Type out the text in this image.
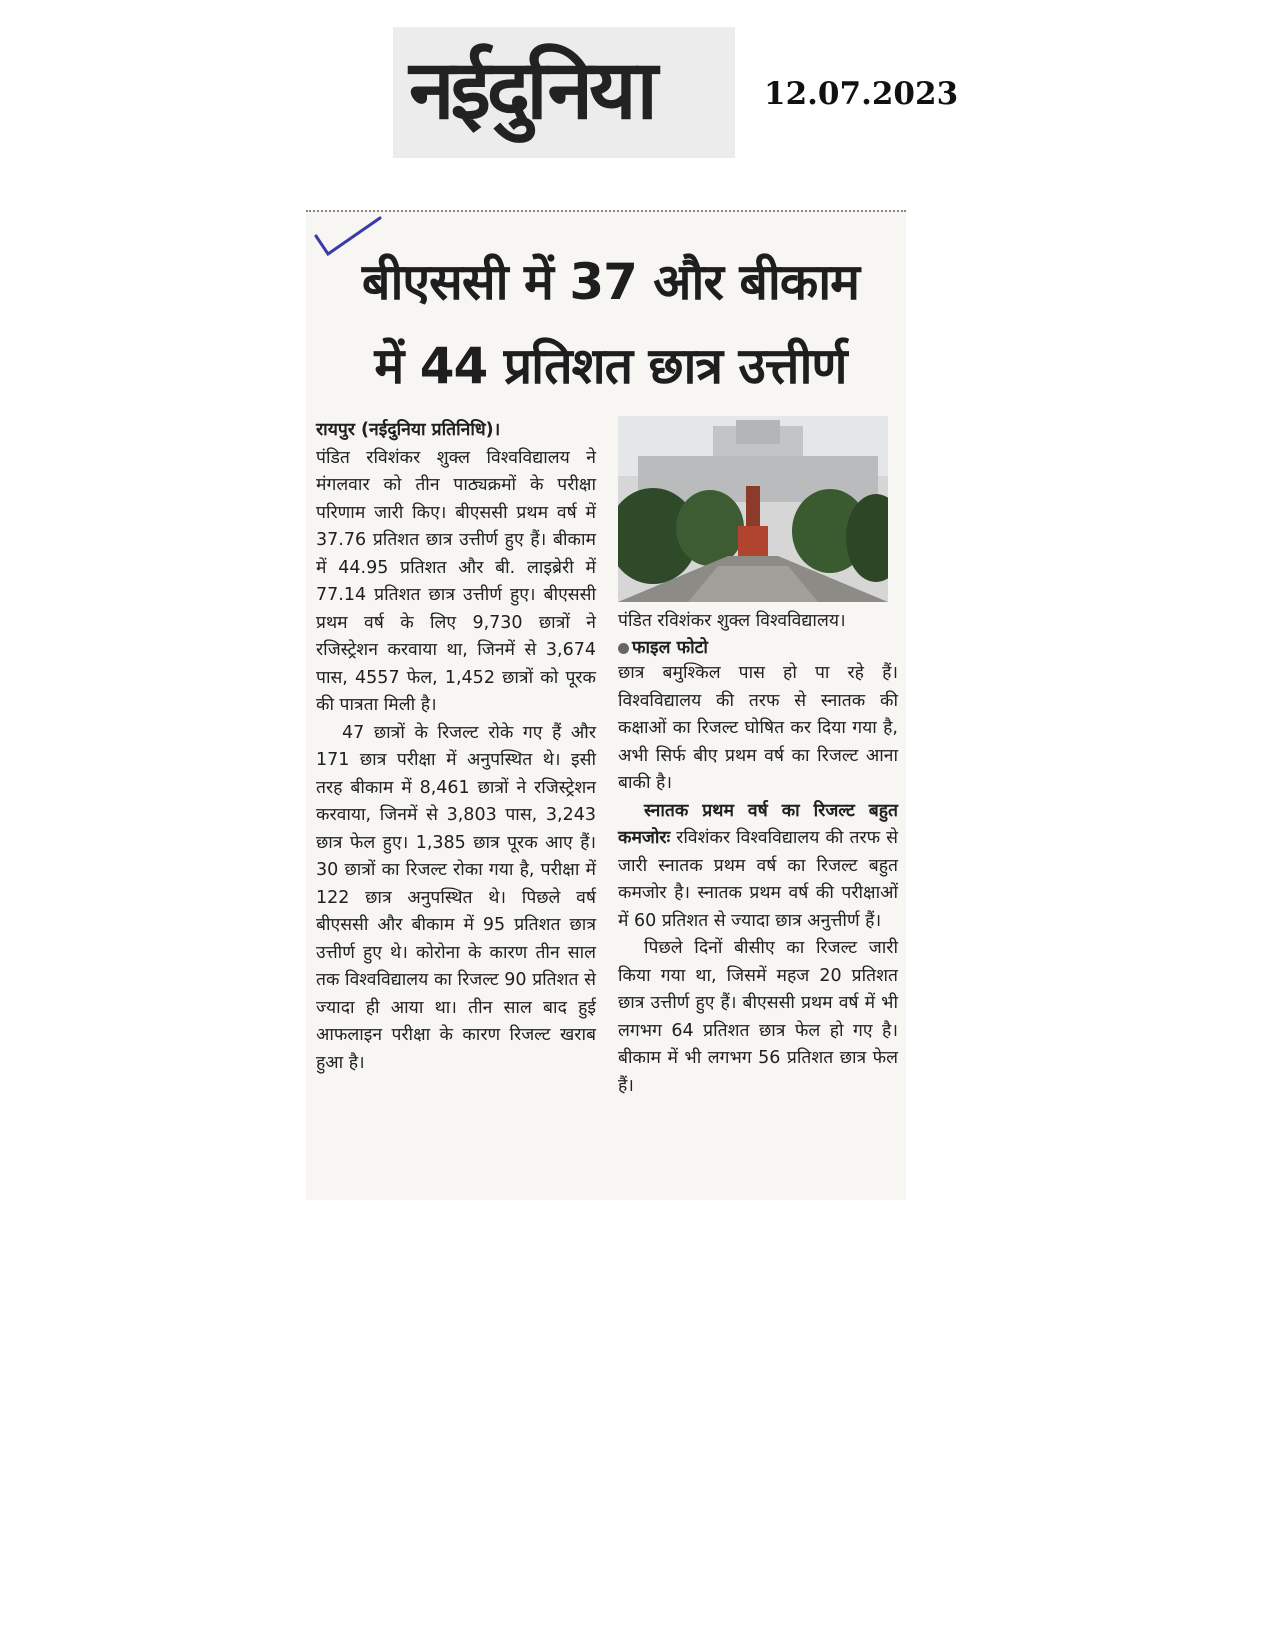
नईदुनिया	12.07.2023
बीएससी में 37 और बीकाम
में 44 प्रतिशत छात्र उत्तीर्ण

रायपुर (नईदुनिया प्रतिनिधि)।

पंडित रविशंकर शुक्ल विश्वविद्यालय ने मंगलवार को तीन पाठ्यक्रमों के परीक्षा परिणाम जारी किए। बीएससी प्रथम वर्ष में 37.76 प्रतिशत छात्र उत्तीर्ण हुए हैं। बीकाम में 44.95 प्रतिशत और बी. लाइब्रेरी में 77.14 प्रतिशत छात्र उत्तीर्ण हुए। बीएससी प्रथम वर्ष के लिए 9,730 छात्रों ने रजिस्ट्रेशन करवाया था, जिनमें से 3,674 पास, 4557 फेल, 1,452 छात्रों को पूरक की पात्रता मिली है।

47 छात्रों के रिजल्ट रोके गए हैं और 171 छात्र परीक्षा में अनुपस्थित थे। इसी तरह बीकाम में 8,461 छात्रों ने रजिस्ट्रेशन करवाया, जिनमें से 3,803 पास, 3,243 छात्र फेल हुए। 1,385 छात्र पूरक आए हैं। 30 छात्रों का रिजल्ट रोका गया है, परीक्षा में 122 छात्र अनुपस्थित थे। पिछले वर्ष बीएससी और बीकाम में 95 प्रतिशत छात्र उत्तीर्ण हुए थे। कोरोना के कारण तीन साल तक विश्वविद्यालय का रिजल्ट 90 प्रतिशत से ज्यादा ही आया था। तीन साल बाद हुई आफलाइन परीक्षा के कारण रिजल्ट खराब हुआ है।

पंडित रविशंकर शुक्ल विश्वविद्यालय।
फाइल फोटो

छात्र बमुश्किल पास हो पा रहे हैं। विश्वविद्यालय की तरफ से स्नातक की कक्षाओं का रिजल्ट घोषित कर दिया गया है, अभी सिर्फ बीए प्रथम वर्ष का रिजल्ट आना बाकी है।

स्नातक प्रथम वर्ष का रिजल्ट बहुत कमजोरः रविशंकर विश्वविद्यालय की तरफ से जारी स्नातक प्रथम वर्ष का रिजल्ट बहुत कमजोर है। स्नातक प्रथम वर्ष की परीक्षाओं में 60 प्रतिशत से ज्यादा छात्र अनुत्तीर्ण हैं।

पिछले दिनों बीसीए का रिजल्ट जारी किया गया था, जिसमें महज 20 प्रतिशत छात्र उत्तीर्ण हुए हैं। बीएससी प्रथम वर्ष में भी लगभग 64 प्रतिशत छात्र फेल हो गए है। बीकाम में भी लगभग 56 प्रतिशत छात्र फेल हैं।
